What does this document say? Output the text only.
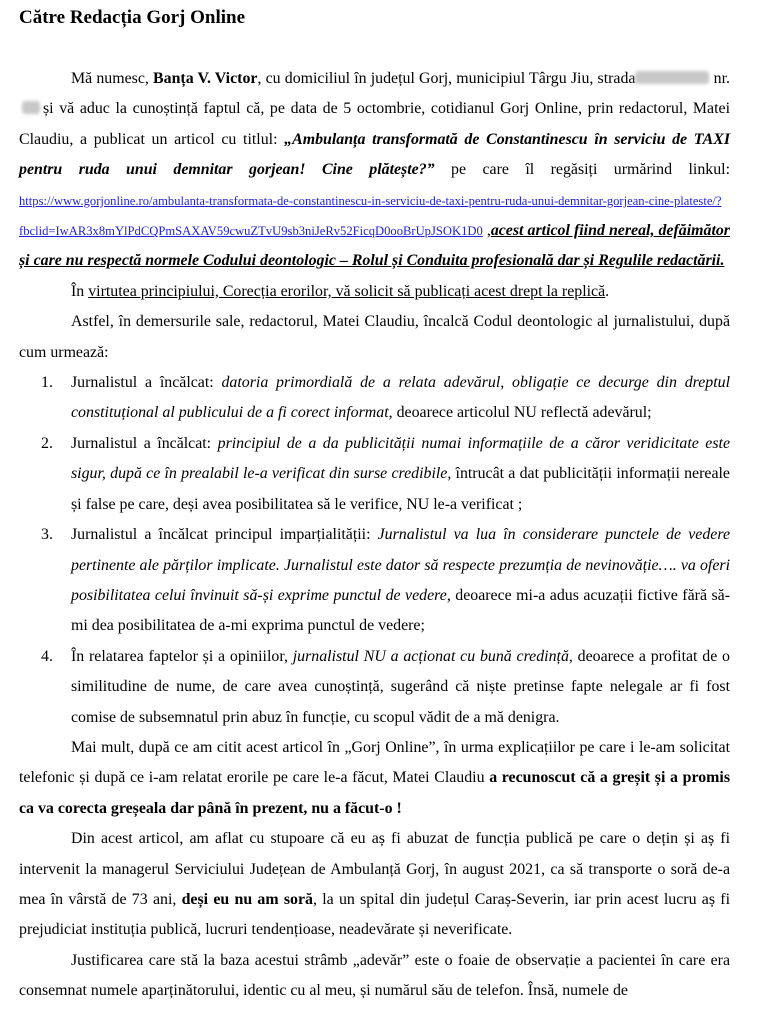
Către Redacția Gorj Online

Mă numesc, Banța V. Victor, cu domiciliul în județul Gorj, municipiul Târgu Jiu, strada	nr.și vă aduc la cunoștință faptul că, pe data de 5 octombrie, cotidianul Gorj Online, prin redactorul, Matei Claudiu, a publicat un articol cu titlul: „Ambulanța transformată de Constantinescu în serviciu de TAXI pentru ruda unui demnitar gorjean! Cine plătește?” pe care îl regăsiți urmărind linkul: https://www.gorjonline.ro/ambulanta-transformata-de-constantinescu-in-serviciu-de-taxi-pentru-ruda-unui-demnitar-gorjean-cine-plateste/?fbclid=IwAR3x8mYlPdCQPmSAXAV59cwuZTvU9sb3niJeRv52FicqD0ooBrUpJSOK1D0 ,acest articol fiind nereal, defăimător și care nu respectă normele Codului deontologic – Rolul și Conduita profesională dar și Regulile redactării.

În virtutea principiului, Corecția erorilor, vă solicit să publicați acest drept la replică.

Astfel, în demersurile sale, redactorul, Matei Claudiu, încalcă Codul deontologic al jurnalistului, după cum urmează:

1. Jurnalistul a încălcat: datoria primordială de a relata adevărul, obligație ce decurge din dreptul constituțional al publicului de a fi corect informat, deoarece articolul NU reflectă adevărul;
2. Jurnalistul a încălcat: principiul de a da publicității numai informațiile de a căror veridicitate este sigur, după ce în prealabil le-a verificat din surse credibile, întrucât a dat publicității informații nereale și false pe care, deși avea posibilitatea să le verifice, NU le-a verificat ;
3. Jurnalistul a încălcat principul imparțialității: Jurnalistul va lua în considerare punctele de vedere pertinente ale părților implicate. Jurnalistul este dator să respecte prezumția de nevinovăție…. va oferi posibilitatea celui învinuit să-și exprime punctul de vedere, deoarece mi-a adus acuzații fictive fără să-mi dea posibilitatea de a-mi exprima punctul de vedere;
4. În relatarea faptelor și a opiniilor, jurnalistul NU a acționat cu bună credință, deoarece a profitat de o similitudine de nume, de care avea cunoștință, sugerând că niște pretinse fapte nelegale ar fi fost comise de subsemnatul prin abuz în funcție, cu scopul vădit de a mă denigra.

Mai mult, după ce am citit acest articol în „Gorj Online”, în urma explicațiilor pe care i le-am solicitat telefonic și după ce i-am relatat erorile pe care le-a făcut, Matei Claudiu a recunoscut că a greșit și a promis ca va corecta greșeala dar până în prezent, nu a făcut-o !

Din acest articol, am aflat cu stupoare că eu aș fi abuzat de funcția publică pe care o dețin și aș fi intervenit la managerul Serviciului Județean de Ambulanță Gorj, în august 2021, ca să transporte o soră de-a mea în vârstă de 73 ani, deși eu nu am soră, la un spital din județul Caraș-Severin, iar prin acest lucru aș fi prejudiciat instituția publică, lucruri tendențioase, neadevărate și neverificate.

Justificarea care stă la baza acestui strâmb „adevăr” este o foaie de observație a pacientei în care era consemnat numele aparținătorului, identic cu al meu, și numărul său de telefon. Însă, numele de
